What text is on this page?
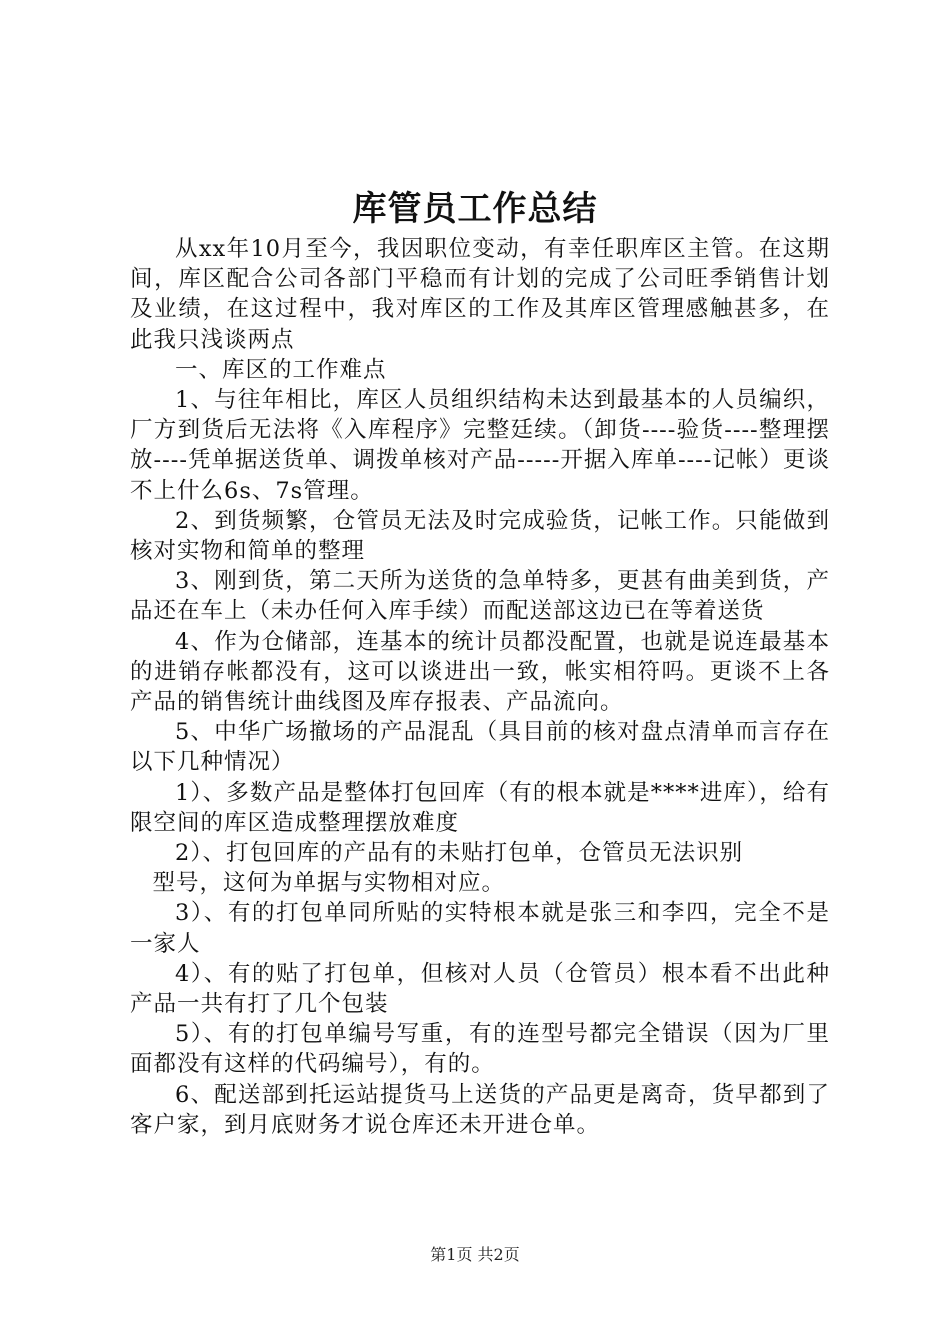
库管员工作总结

从xx年10月至今，我因职位变动，有幸任职库区主管。在这期间，库区配合公司各部门平稳而有计划的完成了公司旺季销售计划及业绩，在这过程中，我对库区的工作及其库区管理感触甚多，在此我只浅谈两点

一、库区的工作难点

1、与往年相比，库区人员组织结构未达到最基本的人员编织，厂方到货后无法将《入库程序》完整廷续。（卸货----验货----整理摆放----凭单据送货单、调拨单核对产品-----开据入库单----记帐）更谈不上什么6s、7s管理。

2、到货频繁，仓管员无法及时完成验货，记帐工作。只能做到核对实物和简单的整理

3、刚到货，第二天所为送货的急单特多，更甚有曲美到货，产品还在车上（未办任何入库手续）而配送部这边已在等着送货

4、作为仓储部，连基本的统计员都没配置，也就是说连最基本的进销存帐都没有，这可以谈进出一致，帐实相符吗。更谈不上各产品的销售统计曲线图及库存报表、产品流向。

5、中华广场撤场的产品混乱（具目前的核对盘点清单而言存在以下几种情况）

1）、多数产品是整体打包回库（有的根本就是****进库），给有限空间的库区造成整理摆放难度

2）、打包回库的产品有的未贴打包单，仓管员无法识别

型号，这何为单据与实物相对应。

3）、有的打包单同所贴的实特根本就是张三和李四，完全不是一家人

4）、有的贴了打包单，但核对人员（仓管员）根本看不出此种产品一共有打了几个包装

5）、有的打包单编号写重，有的连型号都完全错误（因为厂里面都没有这样的代码编号），有的。

6、配送部到托运站提货马上送货的产品更是离奇，货早都到了客户家，到月底财务才说仓库还未开进仓单。

第1页 共2页
